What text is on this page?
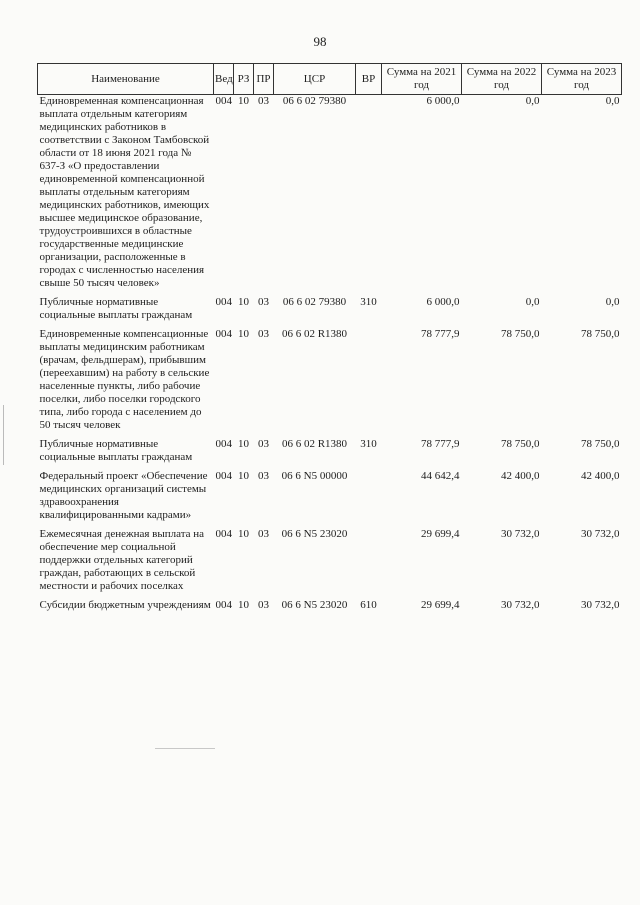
98
Наименование	Вед	РЗ	ПР	ЦСР	ВР	Сумма на 2021 год	Сумма на 2022 год	Сумма на 2023 год
Единовременная компенсационная выплата отдельным категориям медицинских работников в соответствии с Законом Тамбовской области от 18 июня 2021 года № 637-З «О предоставлении единовременной компенсационной выплаты отдельным категориям медицинских работников, имеющих высшее медицинское образование, трудоустроившихся в областные государственные медицинские организации, расположенные в городах с численностью населения свыше 50 тысяч человек»	004	10	03	06 6 02 79380		6 000,0	0,0	0,0
Публичные нормативные социальные выплаты гражданам	004	10	03	06 6 02 79380	310	6 000,0	0,0	0,0
Единовременные компенсационные выплаты медицинским работникам (врачам, фельдшерам), прибывшим (переехавшим) на работу в сельские населенные пункты, либо рабочие поселки, либо поселки городского типа, либо города с населением до 50 тысяч человек	004	10	03	06 6 02 R1380		78 777,9	78 750,0	78 750,0
Публичные нормативные социальные выплаты гражданам	004	10	03	06 6 02 R1380	310	78 777,9	78 750,0	78 750,0
Федеральный проект «Обеспечение медицинских организаций системы здравоохранения квалифицированными кадрами»	004	10	03	06 6 N5 00000		44 642,4	42 400,0	42 400,0
Ежемесячная денежная выплата на обеспечение мер социальной поддержки отдельных категорий граждан, работающих в сельской местности и рабочих поселках	004	10	03	06 6 N5 23020		29 699,4	30 732,0	30 732,0
Субсидии бюджетным учреждениям	004	10	03	06 6 N5 23020	610	29 699,4	30 732,0	30 732,0
